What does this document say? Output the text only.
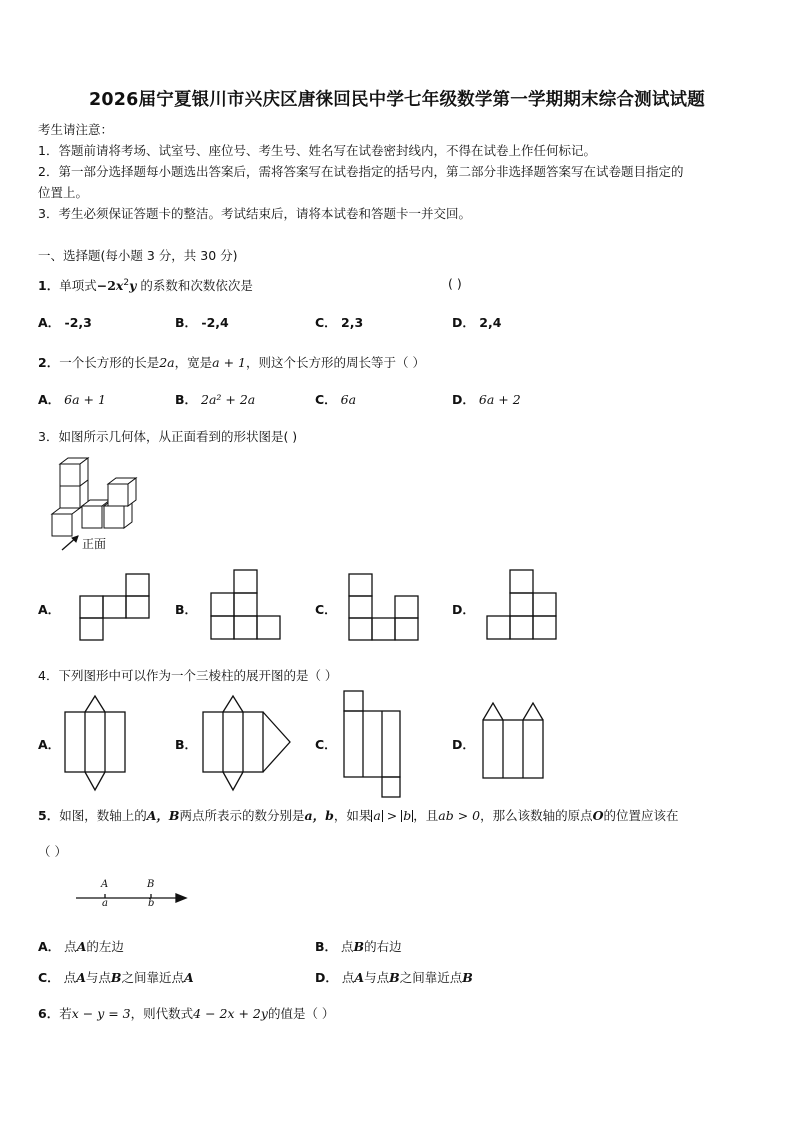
2026届宁夏银川市兴庆区唐徕回民中学七年级数学第一学期期末综合测试试题
考生请注意：
1．答题前请将考场、试室号、座位号、考生号、姓名写在试卷密封线内，不得在试卷上作任何标记。
2．第一部分选择题每小题选出答案后，需将答案写在试卷指定的括号内，第二部分非选择题答案写在试卷题目指定的
位置上。
3．考生必须保证答题卡的整洁。考试结束后，请将本试卷和答题卡一并交回。
一、选择题(每小题 3 分，共 30 分)
1．单项式$-2x^2y$ 的系数和次数依次是	( )
A． -2,3	B． -2,4	C． 2,3	D． 2,4
2．一个长方形的长是2a，宽是a + 1，则这个长方形的周长等于（ ）
A． 6a + 1	B． 2a² + 2a	C． 6a	D． 6a + 2
3．如图所示几何体，从正面看到的形状图是( )
正面
A．	B．	C．	D．
4．下列图形中可以作为一个三棱柱的展开图的是（ ）
A．	B．	C．	D．
5．如图，数轴上的A，B两点所表示的数分别是a，b，如果 a > b ，且ab > 0，那么该数轴的原点O的位置应该在
（ ）
A	B
a	b
A． 点A的左边	B． 点B的右边
C． 点A与点B之间靠近点A	D． 点A与点B之间靠近点B
6．若x − y = 3，则代数式4 − 2x + 2y的值是（ ）
